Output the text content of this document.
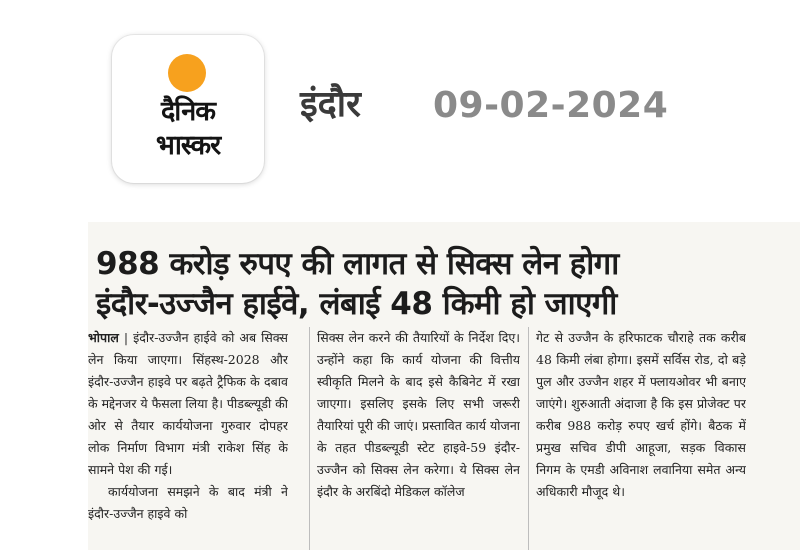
दैनिक
भास्कर
इंदौर 09-02-2024
988 करोड़ रुपए की लागत से सिक्स लेन होगा
इंदौर-उज्जैन हाईवे, लंबाई 48 किमी हो जाएगी

भोपाल | इंदौर-उज्जैन हाईवे को अब सिक्स लेन किया जाएगा। सिंहस्थ-2028 और इंदौर-उज्जैन हाइवे पर बढ़ते ट्रैफिक के दबाव के मद्देनजर ये फैसला लिया है। पीडब्ल्यूडी की ओर से तैयार कार्ययोजना गुरुवार दोपहर लोक निर्माण विभाग मंत्री राकेश सिंह के सामने पेश की गई।

कार्ययोजना समझने के बाद मंत्री ने इंदौर-उज्जैन हाइवे को

सिक्स लेन करने की तैयारियों के निर्देश दिए। उन्होंने कहा कि कार्य योजना की वित्तीय स्वीकृति मिलने के बाद इसे कैबिनेट में रखा जाएगा। इसलिए इसके लिए सभी जरूरी तैयारियां पूरी की जाएं। प्रस्तावित कार्य योजना के तहत पीडब्ल्यूडी स्टेट हाइवे-59 इंदौर-उज्जैन को सिक्स लेन करेगा। ये सिक्स लेन इंदौर के अरबिंदो मेडिकल कॉलेज

गेट से उज्जैन के हरिफाटक चौराहे तक करीब 48 किमी लंबा होगा। इसमें सर्विस रोड, दो बड़े पुल और उज्जैन शहर में फ्लायओवर भी बनाए जाएंगे। शुरुआती अंदाजा है कि इस प्रोजेक्ट पर करीब 988 करोड़ रुपए खर्च होंगे। बैठक में प्रमुख सचिव डीपी आहूजा, सड़क विकास निगम के एमडी अविनाश लवानिया समेत अन्य अधिकारी मौजूद थे।
